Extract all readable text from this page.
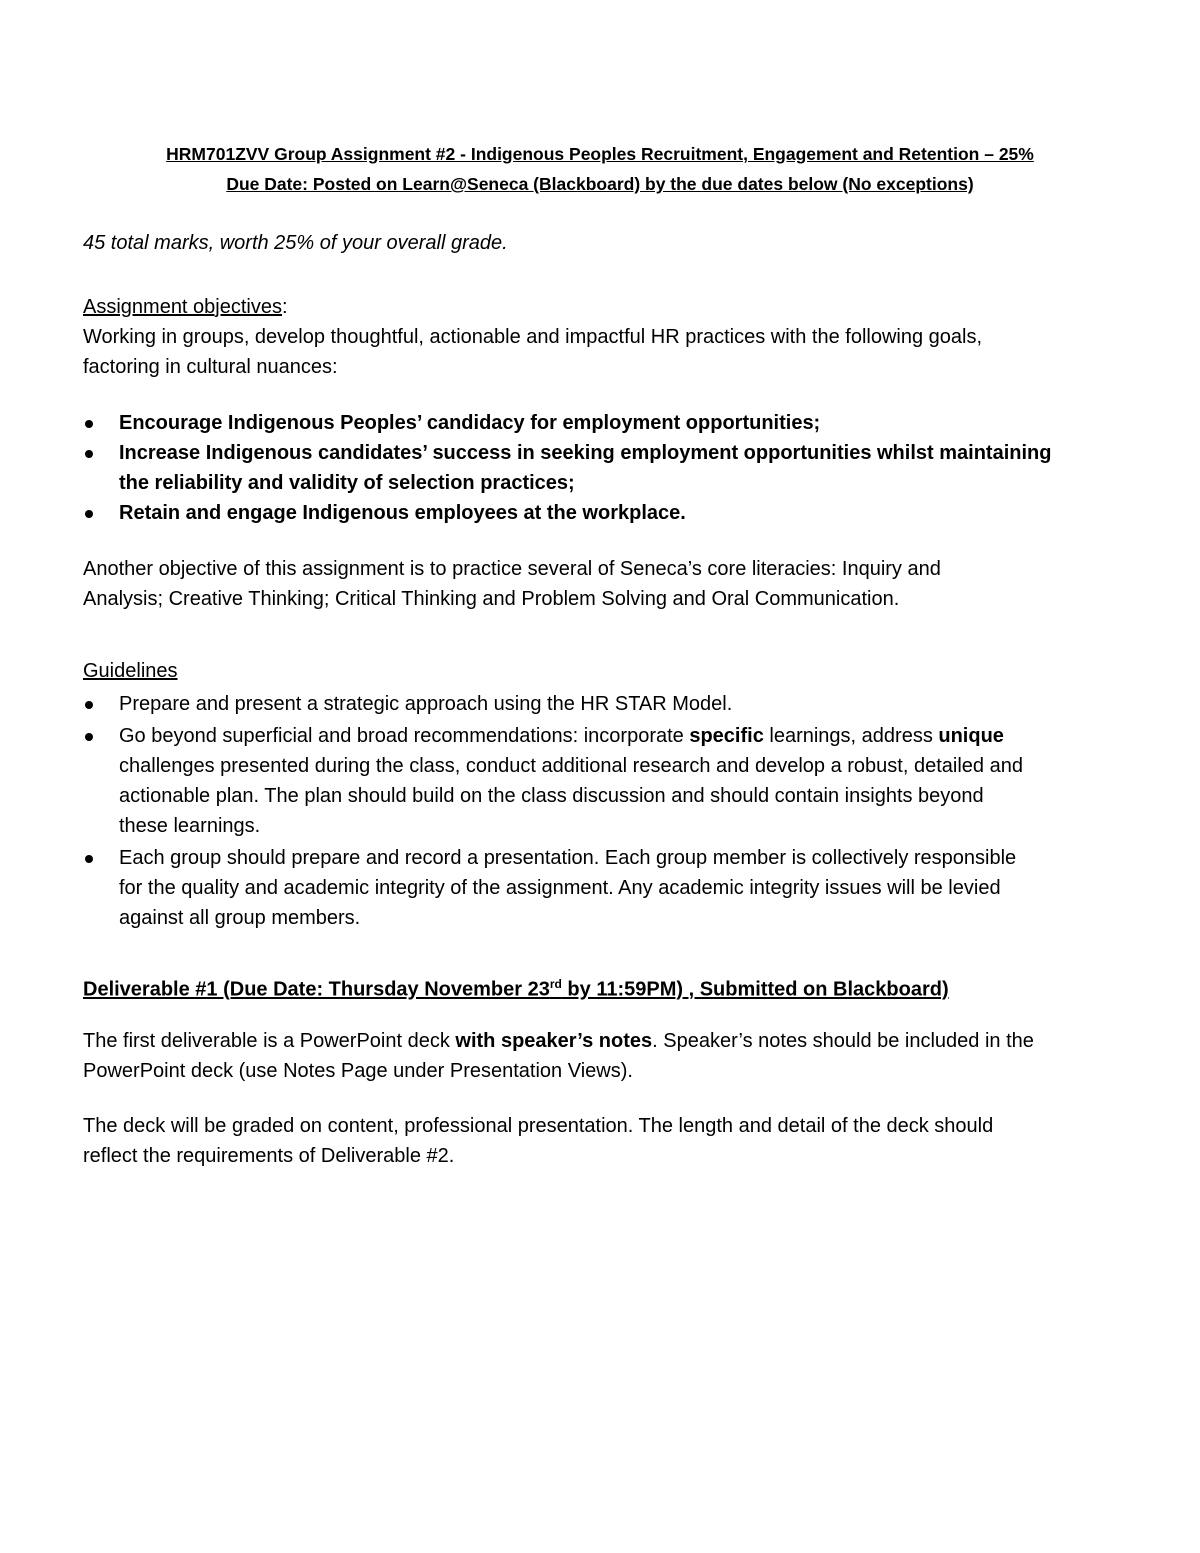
HRM701ZVV Group Assignment #2 - Indigenous Peoples Recruitment, Engagement and Retention – 25%
Due Date: Posted on Learn@Seneca (Blackboard) by the due dates below (No exceptions)
45 total marks, worth 25% of your overall grade.
Assignment objectives:
Working in groups, develop thoughtful, actionable and impactful HR practices with the following goals,
factoring in cultural nuances:
Encourage Indigenous Peoples’ candidacy for employment opportunities;
Increase Indigenous candidates’ success in seeking employment opportunities whilst maintaining
the reliability and validity of selection practices;
Retain and engage Indigenous employees at the workplace.
Another objective of this assignment is to practice several of Seneca’s core literacies: Inquiry and
Analysis; Creative Thinking; Critical Thinking and Problem Solving and Oral Communication.
Guidelines
Prepare and present a strategic approach using the HR STAR Model.
Go beyond superficial and broad recommendations: incorporate specific learnings, address unique
challenges presented during the class, conduct additional research and develop a robust, detailed and
actionable plan. The plan should build on the class discussion and should contain insights beyond
these learnings.
Each group should prepare and record a presentation. Each group member is collectively responsible
for the quality and academic integrity of the assignment. Any academic integrity issues will be levied
against all group members.
Deliverable #1 (Due Date: Thursday November 23rd by 11:59PM) , Submitted on Blackboard)
The first deliverable is a PowerPoint deck with speaker’s notes. Speaker’s notes should be included in the
PowerPoint deck (use Notes Page under Presentation Views).
The deck will be graded on content, professional presentation. The length and detail of the deck should
reflect the requirements of Deliverable #2.
